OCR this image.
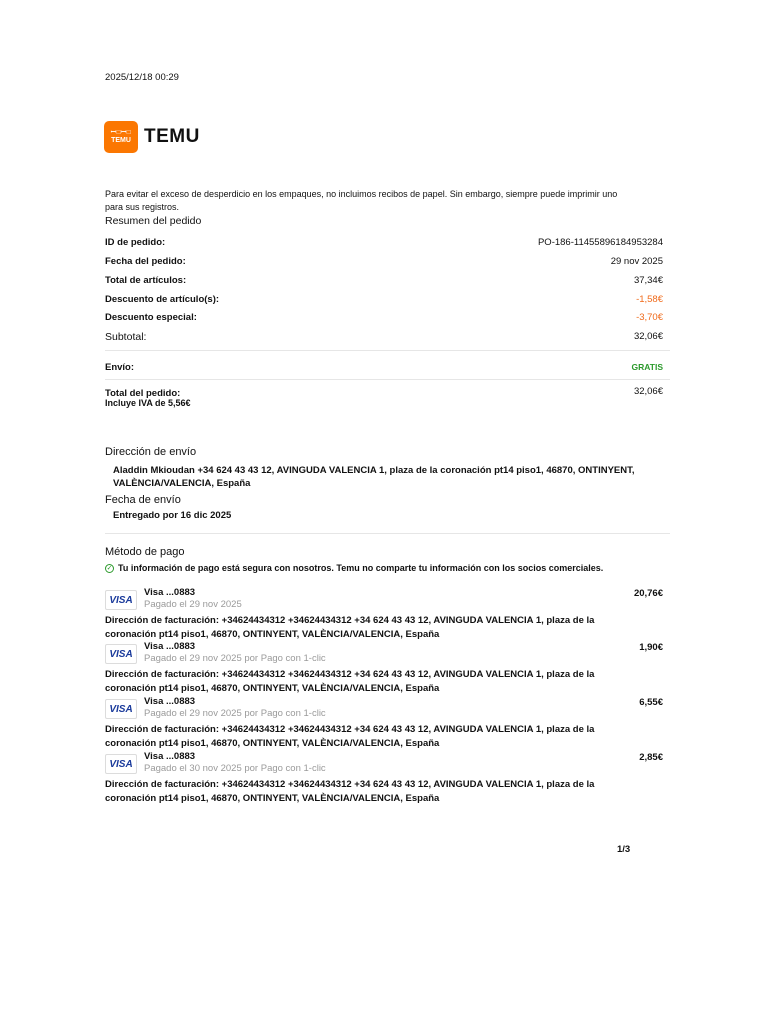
2025/12/18 00:29
ꟷ□ꟷ□
TEMU TEMU
Para evitar el exceso de desperdicio en los empaques, no incluimos recibos de papel. Sin embargo, siempre puede imprimir uno para sus registros.
Resumen del pedido
ID de pedido:	PO-186-11455896184953284
Fecha del pedido:	29 nov 2025
Total de artículos:	37,34€
Descuento de artículo(s):	-1,58€
Descuento especial:	-3,70€
Subtotal:	32,06€
Envío:	GRATIS
Total del pedido:	32,06€
Incluye IVA de 5,56€
Dirección de envío
Aladdin Mkioudan +34 624 43 43 12, AVINGUDA VALENCIA 1, plaza de la coronación pt14 piso1, 46870, ONTINYENT, VALÈNCIA/VALENCIA, España
Fecha de envío
Entregado por 16 dic 2025
Método de pago
✓ Tu información de pago está segura con nosotros. Temu no comparte tu información con los socios comerciales.
VISA
Visa ...0883
Pagado el 29 nov 2025
20,76€
Dirección de facturación: +34624434312 +34624434312 +34 624 43 43 12, AVINGUDA VALENCIA 1, plaza de la coronación pt14 piso1, 46870, ONTINYENT, VALÈNCIA/VALENCIA, España
VISA
Visa ...0883
Pagado el 29 nov 2025 por Pago con 1-clic
1,90€
Dirección de facturación: +34624434312 +34624434312 +34 624 43 43 12, AVINGUDA VALENCIA 1, plaza de la coronación pt14 piso1, 46870, ONTINYENT, VALÈNCIA/VALENCIA, España
VISA
Visa ...0883
Pagado el 29 nov 2025 por Pago con 1-clic
6,55€
Dirección de facturación: +34624434312 +34624434312 +34 624 43 43 12, AVINGUDA VALENCIA 1, plaza de la coronación pt14 piso1, 46870, ONTINYENT, VALÈNCIA/VALENCIA, España
VISA
Visa ...0883
Pagado el 30 nov 2025 por Pago con 1-clic
2,85€
Dirección de facturación: +34624434312 +34624434312 +34 624 43 43 12, AVINGUDA VALENCIA 1, plaza de la coronación pt14 piso1, 46870, ONTINYENT, VALÈNCIA/VALENCIA, España
1/3
